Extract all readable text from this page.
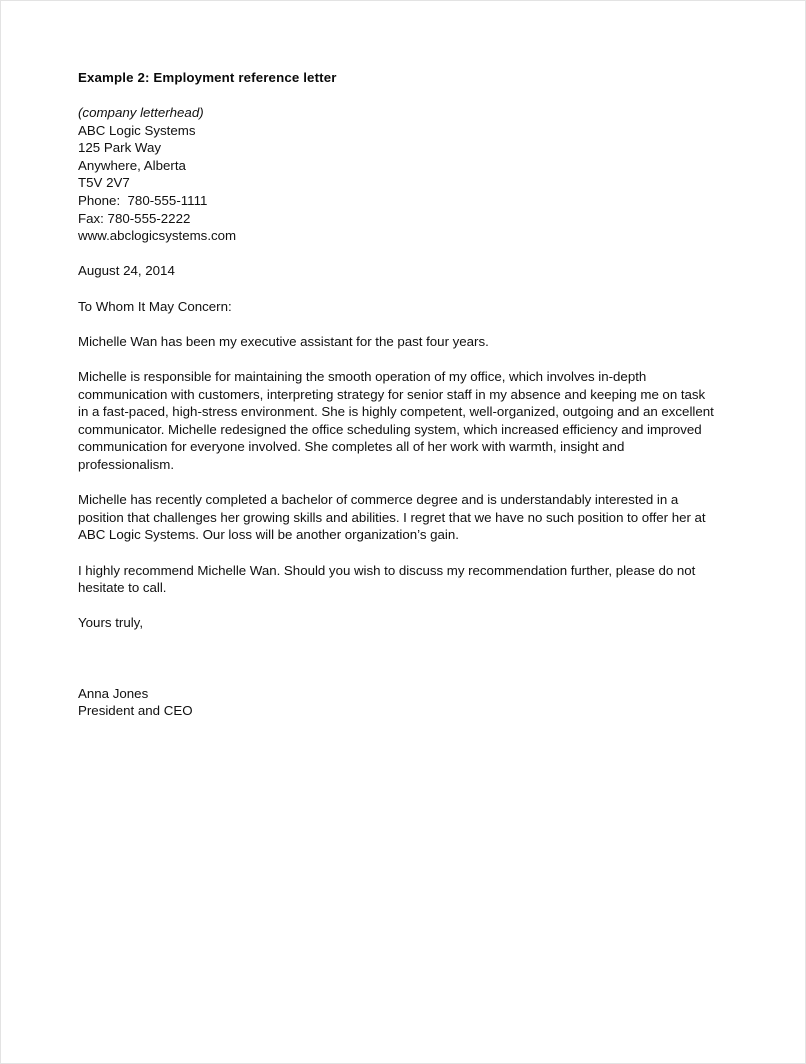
Example 2: Employment reference letter
(company letterhead)
ABC Logic Systems
125 Park Way
Anywhere, Alberta
T5V 2V7
Phone:  780-555-1111
Fax: 780-555-2222
www.abclogicsystems.com
August 24, 2014
To Whom It May Concern:

Michelle Wan has been my executive assistant for the past four years.

Michelle is responsible for maintaining the smooth operation of my office, which involves in-depth communication with customers, interpreting strategy for senior staff in my absence and keeping me on task in a fast-paced, high-stress environment. She is highly competent, well-organized, outgoing and an excellent communicator. Michelle redesigned the office scheduling system, which increased efficiency and improved communication for everyone involved. She completes all of her work with warmth, insight and professionalism.

Michelle has recently completed a bachelor of commerce degree and is understandably interested in a position that challenges her growing skills and abilities. I regret that we have no such position to offer her at ABC Logic Systems. Our loss will be another organization’s gain.

I highly recommend Michelle Wan. Should you wish to discuss my recommendation further, please do not hesitate to call.

Yours truly,
Anna Jones
President and CEO
